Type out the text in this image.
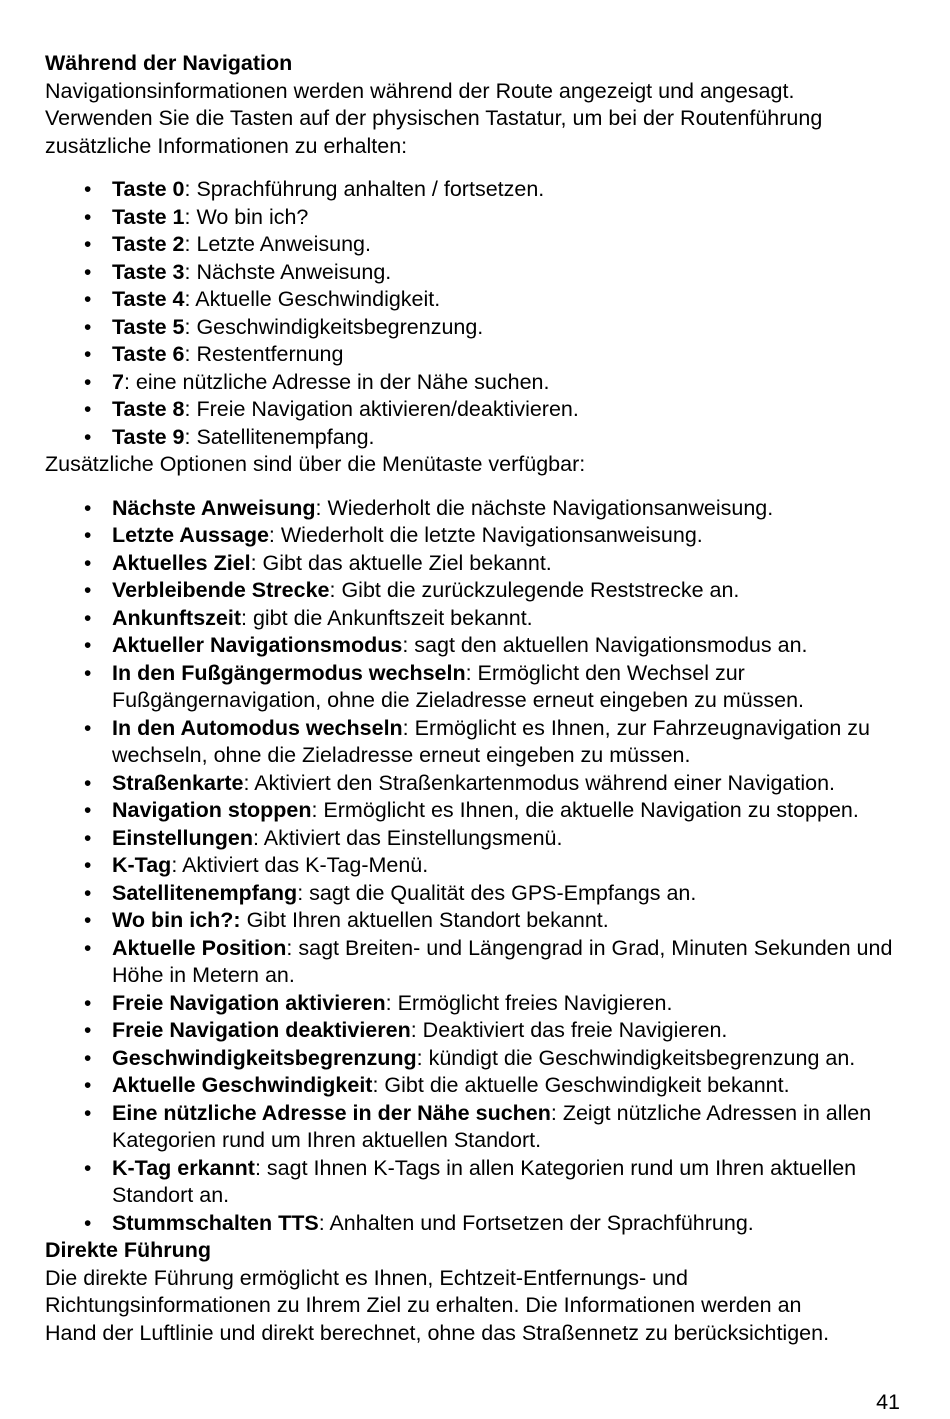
Während der Navigation
Navigationsinformationen werden während der Route angezeigt und angesagt.
Verwenden Sie die Tasten auf der physischen Tastatur, um bei der Routenführung
zusätzliche Informationen zu erhalten:
• Taste 0: Sprachführung anhalten / fortsetzen.
• Taste 1: Wo bin ich?
• Taste 2: Letzte Anweisung.
• Taste 3: Nächste Anweisung.
• Taste 4: Aktuelle Geschwindigkeit.
• Taste 5: Geschwindigkeitsbegrenzung.
• Taste 6: Restentfernung
• 7: eine nützliche Adresse in der Nähe suchen.
• Taste 8: Freie Navigation aktivieren/deaktivieren.
• Taste 9: Satellitenempfang.
Zusätzliche Optionen sind über die Menütaste verfügbar:
• Nächste Anweisung: Wiederholt die nächste Navigationsanweisung.
• Letzte Aussage: Wiederholt die letzte Navigationsanweisung.
• Aktuelles Ziel: Gibt das aktuelle Ziel bekannt.
• Verbleibende Strecke: Gibt die zurückzulegende Reststrecke an.
• Ankunftszeit: gibt die Ankunftszeit bekannt.
• Aktueller Navigationsmodus: sagt den aktuellen Navigationsmodus an.
• In den Fußgängermodus wechseln: Ermöglicht den Wechsel zur Fußgängernavigation, ohne die Zieladresse erneut eingeben zu müssen.
• In den Automodus wechseln: Ermöglicht es Ihnen, zur Fahrzeugnavigation zu wechseln, ohne die Zieladresse erneut eingeben zu müssen.
• Straßenkarte: Aktiviert den Straßenkartenmodus während einer Navigation.
• Navigation stoppen: Ermöglicht es Ihnen, die aktuelle Navigation zu stoppen.
• Einstellungen: Aktiviert das Einstellungsmenü.
• K-Tag: Aktiviert das K-Tag-Menü.
• Satellitenempfang: sagt die Qualität des GPS-Empfangs an.
• Wo bin ich?: Gibt Ihren aktuellen Standort bekannt.
• Aktuelle Position: sagt Breiten- und Längengrad in Grad, Minuten Sekunden und Höhe in Metern an.
• Freie Navigation aktivieren: Ermöglicht freies Navigieren.
• Freie Navigation deaktivieren: Deaktiviert das freie Navigieren.
• Geschwindigkeitsbegrenzung: kündigt die Geschwindigkeitsbegrenzung an.
• Aktuelle Geschwindigkeit: Gibt die aktuelle Geschwindigkeit bekannt.
• Eine nützliche Adresse in der Nähe suchen: Zeigt nützliche Adressen in allen Kategorien rund um Ihren aktuellen Standort.
• K-Tag erkannt: sagt Ihnen K-Tags in allen Kategorien rund um Ihren aktuellen Standort an.
• Stummschalten TTS: Anhalten und Fortsetzen der Sprachführung.
Direkte Führung
Die direkte Führung ermöglicht es Ihnen, Echtzeit-Entfernungs- und
Richtungsinformationen zu Ihrem Ziel zu erhalten. Die Informationen werden an
Hand der Luftlinie und direkt berechnet, ohne das Straßennetz zu berücksichtigen.
41
